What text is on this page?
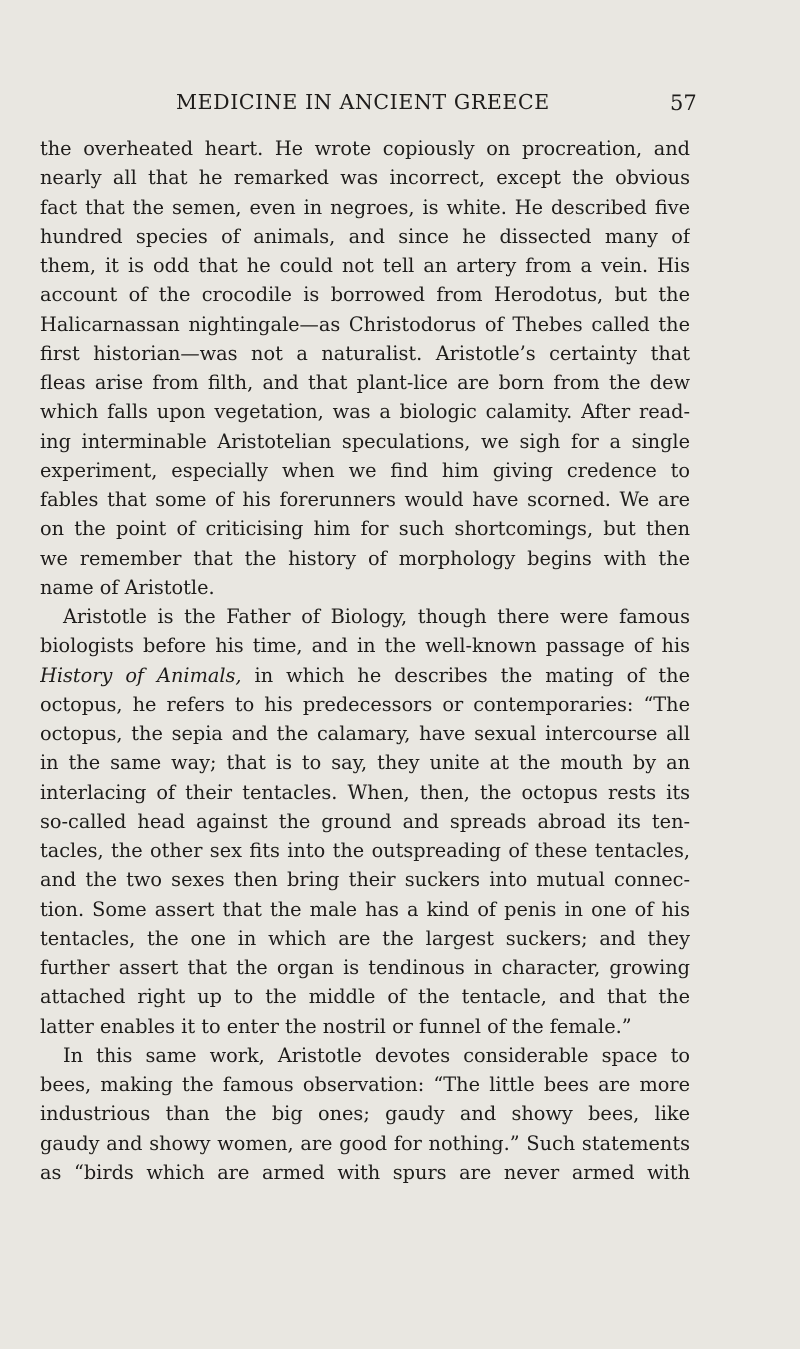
MEDICINE IN ANCIENT GREECE	57
the overheated heart. He wrote copiously on procreation, and
nearly all that he remarked was incorrect, except the obvious
fact that the semen, even in negroes, is white. He described five
hundred species of animals, and since he dissected many of
them, it is odd that he could not tell an artery from a vein. His
account of the crocodile is borrowed from Herodotus, but the
Halicarnassan nightingale—as Christodorus of Thebes called the
first historian—was not a naturalist. Aristotle’s certainty that
fleas arise from filth, and that plant-lice are born from the dew
which falls upon vegetation, was a biologic calamity. After read-
ing interminable Aristotelian speculations, we sigh for a single
experiment, especially when we find him giving credence to
fables that some of his forerunners would have scorned. We are
on the point of criticising him for such shortcomings, but then
we remember that the history of morphology begins with the
name of Aristotle.
Aristotle is the Father of Biology, though there were famous
biologists before his time, and in the well-known passage of his
History of Animals, in which he describes the mating of the
octopus, he refers to his predecessors or contemporaries: “The
octopus, the sepia and the calamary, have sexual intercourse all
in the same way; that is to say, they unite at the mouth by an
interlacing of their tentacles. When, then, the octopus rests its
so-called head against the ground and spreads abroad its ten-
tacles, the other sex fits into the outspreading of these tentacles,
and the two sexes then bring their suckers into mutual connec-
tion. Some assert that the male has a kind of penis in one of his
tentacles, the one in which are the largest suckers; and they
further assert that the organ is tendinous in character, growing
attached right up to the middle of the tentacle, and that the
latter enables it to enter the nostril or funnel of the female.”
In this same work, Aristotle devotes considerable space to
bees, making the famous observation: “The little bees are more
industrious than the big ones; gaudy and showy bees, like
gaudy and showy women, are good for nothing.” Such statements
as “birds which are armed with spurs are never armed with
